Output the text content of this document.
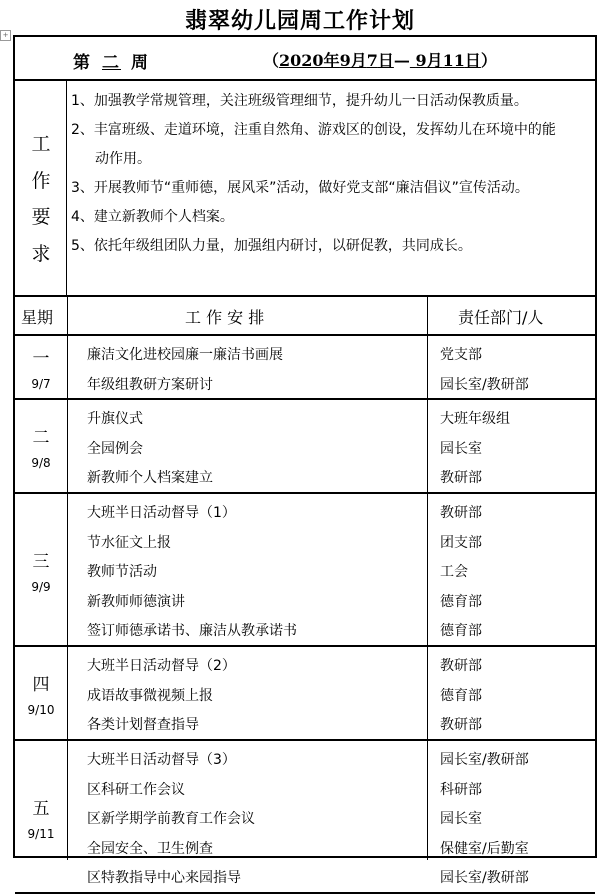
翡翠幼儿园周工作计划
+
第 二 周	（2020年9月7日— 9月11日）
工
作
要
求
1、加强教学常规管理，关注班级管理细节，提升幼儿一日活动保教质量。
2、丰富班级、走道环境，注重自然角、游戏区的创设，发挥幼儿在环境中的能
动作用。
3、开展教师节“重师德，展风采”活动，做好党支部“廉洁倡议”宣传活动。
4、建立新教师个人档案。
5、依托年级组团队力量，加强组内研讨，以研促教，共同成长。
星期	工 作 安 排	责任部门/人
一
9/7
廉洁文化进校园廉一廉洁书画展	党支部
年级组教研方案研讨	园长室/教研部
二
9/8
升旗仪式	大班年级组
全园例会	园长室
新教师个人档案建立	教研部
三
9/9
大班半日活动督导（1）	教研部
节水征文上报	团支部
教师节活动	工会
新教师师德演讲	德育部
签订师德承诺书、廉洁从教承诺书	德育部
四
9/10
大班半日活动督导（2）	教研部
成语故事微视频上报	德育部
各类计划督查指导	教研部
五
9/11
大班半日活动督导（3）	园长室/教研部
区科研工作会议	科研部
区新学期学前教育工作会议	园长室
全园安全、卫生例查	保健室/后勤室
区特教指导中心来园指导	园长室/教研部
